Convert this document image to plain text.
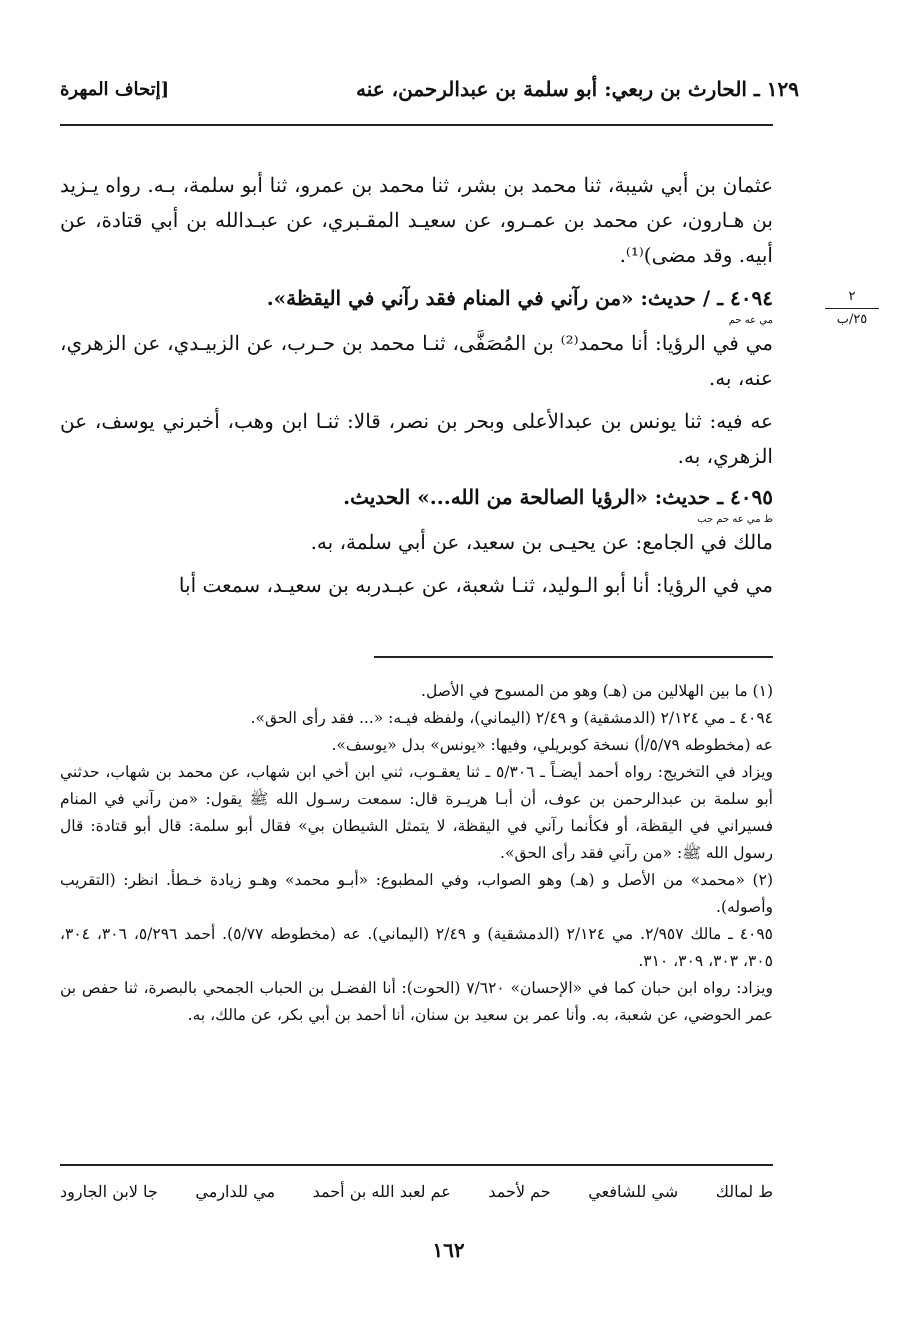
١٢٩ ـ الحارث بن ربعي: أبو سلمة بن عبدالرحمن، عنه
[إتحاف المهرة
٢
٢٥/ب

عثمان بن أبي شيبة، ثنا محمد بن بشر، ثنا محمد بن عمرو، ثنا أبو سلمة، بـه. رواه يـزيد بن هـارون، عن محمد بن عمـرو، عن سعيـد المقـبري، عن عبـدالله بن أبي قتادة، عن أبيه. وقد مضى)⁽¹⁾.

٤٠٩٤ ـ / حديث: «من رآني في المنام فقد رآني في اليقظة».

مي عه حم

مي في الرؤيا: أنا محمد⁽²⁾ بن المُصَفَّى، ثنـا محمد بن حـرب، عن الزبيـدي، عن الزهري، عنه، به.

عه فيه: ثنا يونس بن عبدالأعلى وبحر بن نصر، قالا: ثنـا ابن وهب، أخبرني يوسف، عن الزهري، به.

٤٠٩٥ ـ حديث: «الرؤيا الصالحة من الله...» الحديث.

ط مي عه حم حب

مالك في الجامع: عن يحيـى بن سعيد، عن أبي سلمة، به.

مي في الرؤيا: أنا أبو الـوليد، ثنـا شعبة، عن عبـدربه بن سعيـد، سمعت أبا

(١) ما بين الهلالين من (هـ) وهو من المسوح في الأصل.

٤٠٩٤ ـ مي ٢/١٢٤ (الدمشقية) و ٢/٤٩ (اليماني)، ولفظه فيـه: «... فقد رأى الحق».

عه (مخطوطه ٥/٧٩/أ) نسخة كوبريلي، وفيها: «يونس» بدل «يوسف».

ويزاد في التخريج: رواه أحمد أيضـاً ـ ٥/٣٠٦ ـ ثنا يعقـوب، ثني ابن أخي ابن شهاب، عن محمد بن شهاب، حدثني أبو سلمة بن عبدالرحمن بن عوف، أن أبـا هريـرة قال: سمعت رسـول الله ﷺ يقول: «من رآني في المنام فسيراني في اليقظة، أو فكأنما رآني في اليقظة، لا يتمثل الشيطان بي» فقال أبو سلمة: قال أبو قتادة: قال رسول الله ﷺ: «من رآني فقد رأى الحق».

(٢) «محمد» من الأصل و (هـ) وهو الصواب، وفي المطبوع: «أبـو محمد» وهـو زيادة خـطأ. انظر: (التقريب وأصوله).

٤٠٩٥ ـ مالك ٢/٩٥٧. مي ٢/١٢٤ (الدمشقية) و ٢/٤٩ (اليماني). عه (مخطوطه ٥/٧٧). أحمد ٥/٢٩٦، ٣٠٦، ٣٠٤، ٣٠٥، ٣٠٣، ٣٠٩، ٣١٠.

ويزاد: رواه ابن حبان كما في «الإحسان» ٧/٦٢٠ (الحوت): أنا الفضـل بن الحباب الجمحي بالبصرة، ثنا حفص بن عمر الحوضي، عن شعبة، به. وأنا عمر بن سعيد بن سنان، أنا أحمد بن أبي بكر، عن مالك، به.

ط لمالك
شي للشافعي
حم لأحمد
عم لعبد الله بن أحمد
مي للدارمي
جا لابن الجارود
١٦٢
